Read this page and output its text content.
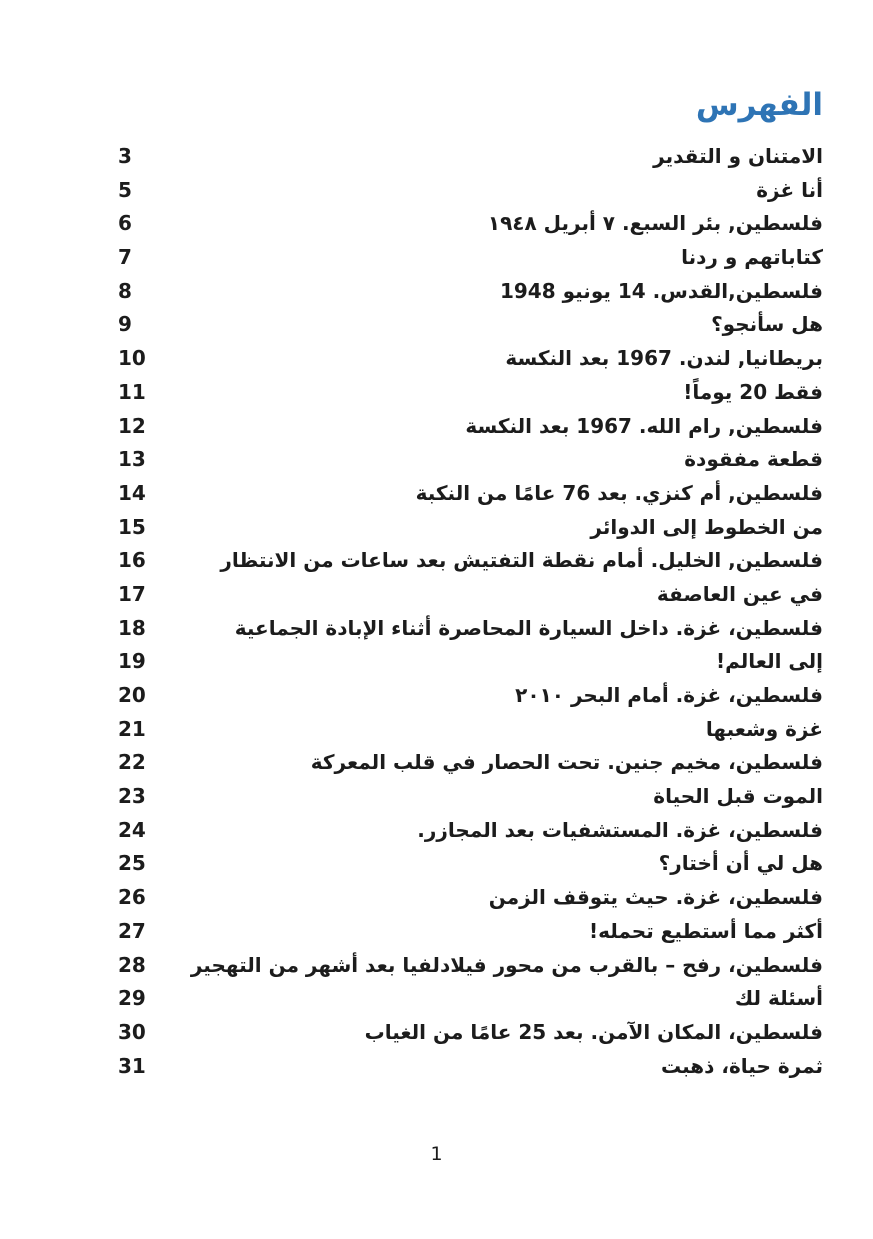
الفهرس
3	الامتنان و التقدير
5	أنا غزة
6	فلسطين, بئر السبع. ٧ أبريل ١٩٤٨
7	كتاباتهم و ردنا
8	فلسطين,القدس. 14 يونيو 1948
9	هل سأنجو؟
10	بريطانيا, لندن. 1967 بعد النكسة
11	فقط 20 يوماً!
12	فلسطين, رام الله. 1967 بعد النكسة
13	قطعة مفقودة
14	فلسطين, أم كنزي. بعد 76 عامًا من النكبة
15	من الخطوط إلى الدوائر
16	فلسطين, الخليل. أمام نقطة التفتيش بعد ساعات من الانتظار
17	في عين العاصفة
18	فلسطين، غزة. داخل السيارة المحاصرة أثناء الإبادة الجماعية
19	إلى العالم!
20	فلسطين، غزة. أمام البحر ٢٠١٠
21	غزة وشعبها
22	فلسطين، مخيم جنين. تحت الحصار في قلب المعركة
23	الموت قبل الحياة
24	فلسطين، غزة. المستشفيات بعد المجازر.
25	هل لي أن أختار؟
26	فلسطين، غزة. حيث يتوقف الزمن
27	أكثر مما أستطيع تحمله!
28	فلسطين، رفح – بالقرب من محور فيلادلفيا بعد أشهر من التهجير
29	أسئلة لك
30	فلسطين، المكان الآمن. بعد 25 عامًا من الغياب
31	ثمرة حياة، ذهبت
1
